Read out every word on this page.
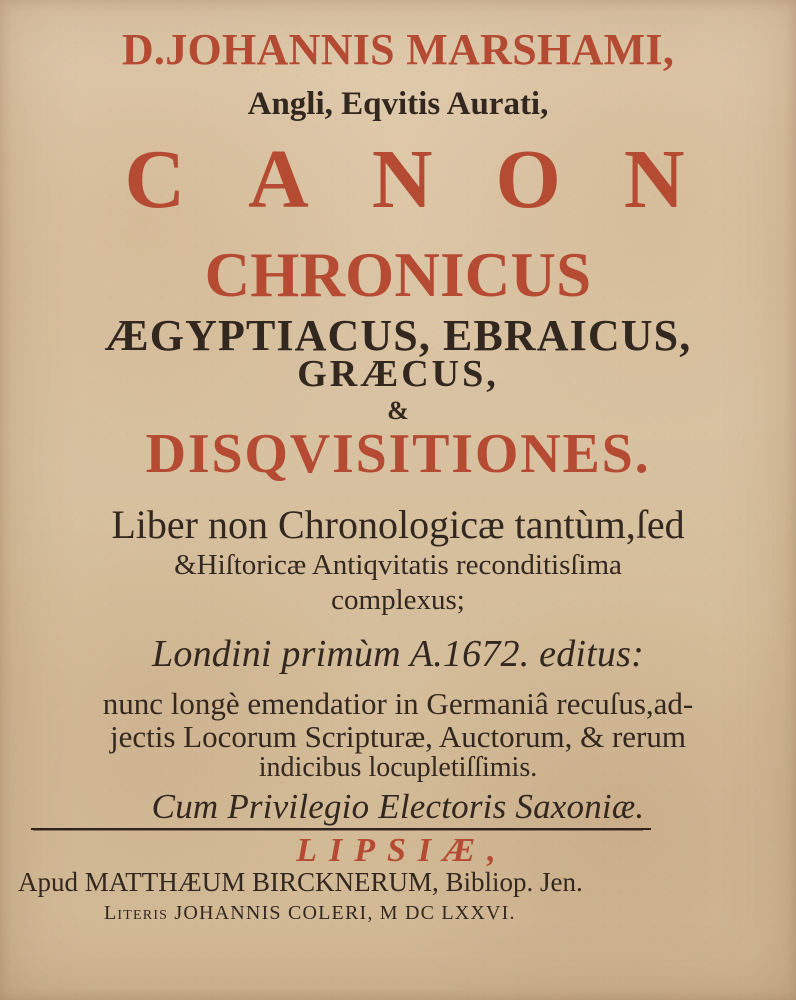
D.JOHANNIS MARSHAMI,
Angli, Eqvitis Aurati,
CANON
CHRONICUS
ÆGYPTIACUS, EBRAICUS,
GRÆCUS,
&
DISQVISITIONES.
Liber non Chronologicæ tantùm,ſed
&Hiſtoricæ Antiqvitatis reconditisſima
complexus;
Londini primùm A.1672. editus:
nunc longè emendatior in Germaniâ recuſus,ad-
jectis Locorum Scripturæ, Auctorum, & rerum
indicibus locupletiſſimis.
Cum Privilegio Electoris Saxoniæ.
LIPSIÆ,
Apud MATTHÆUM BIRCKNERUM, Bibliop. Jen.
Literis JOHANNIS COLERI, M DC LXXVI.
